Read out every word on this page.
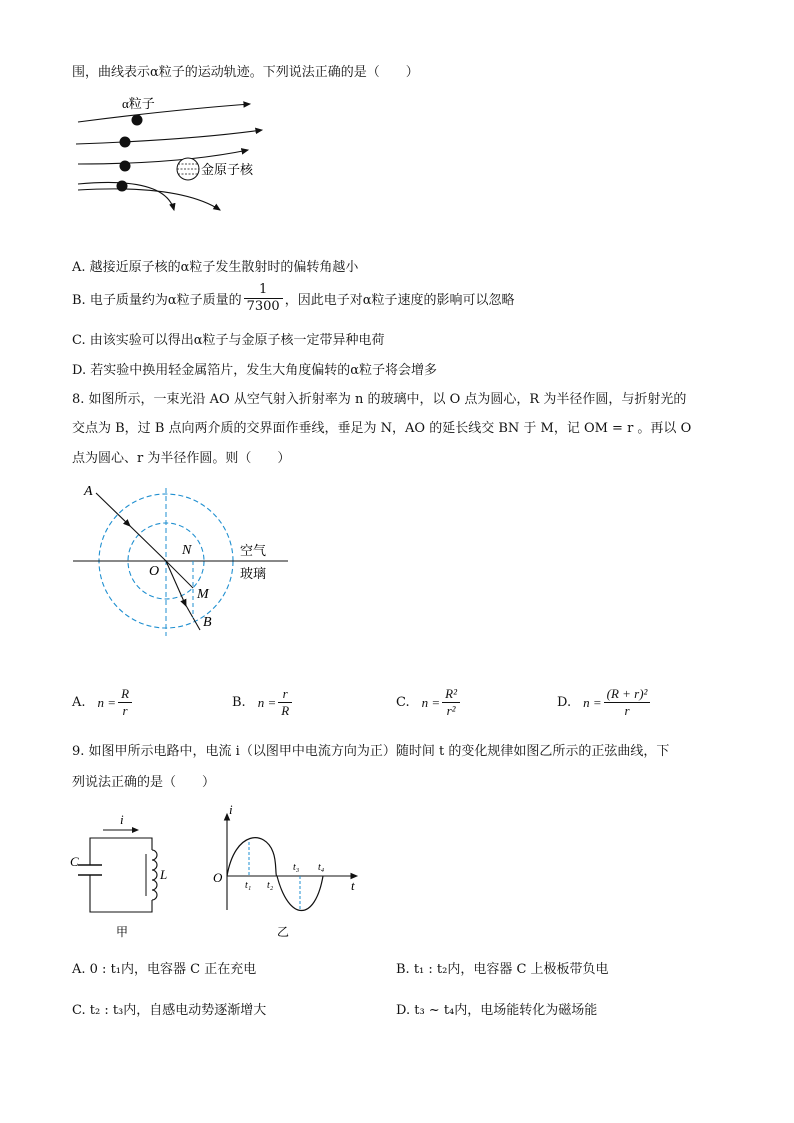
围，曲线表示α粒子的运动轨迹。下列说法正确的是（　　）
α粒子
金原子核
A. 越接近原子核的α粒子发生散射时的偏转角越小
B. 电子质量约为α粒子质量的 $\frac{1}{7300}$ ，因此电子对α粒子速度的影响可以忽略
C. 由该实验可以得出α粒子与金原子核一定带异种电荷
D. 若实验中换用轻金属箔片，发生大角度偏转的α粒子将会增多
8. 如图所示，一束光沿 AO 从空气射入折射率为 n 的玻璃中，以 O 点为圆心，R 为半径作圆，与折射光的
交点为 B，过 B 点向两介质的交界面作垂线，垂足为 N，AO 的延长线交 BN 于 M，记 OM = r 。再以 O
点为圆心、r 为半径作圆。则（　　）
A
N
O
M
B
空气
玻璃
A. $n = \frac{R}{r}$	B. $n = \frac{r}{R}$	C. $n = \frac{\text{R²}}{\text{r²}}$	D. $n = \frac{\text{(R + r)²}}{r}$
9. 如图甲所示电路中，电流 i（以图甲中电流方向为正）随时间 t 的变化规律如图乙所示的正弦曲线，下
列说法正确的是（　　）
i
C
L
甲
i
O
t
t₁ t₂
t₃ t₄
乙
A. 0 : t₁内，电容器 C 正在充电	B. t₁ : t₂内，电容器 C 上极板带负电
C. t₂ : t₃内，自感电动势逐渐增大	D. t₃ ~ t₄内，电场能转化为磁场能
